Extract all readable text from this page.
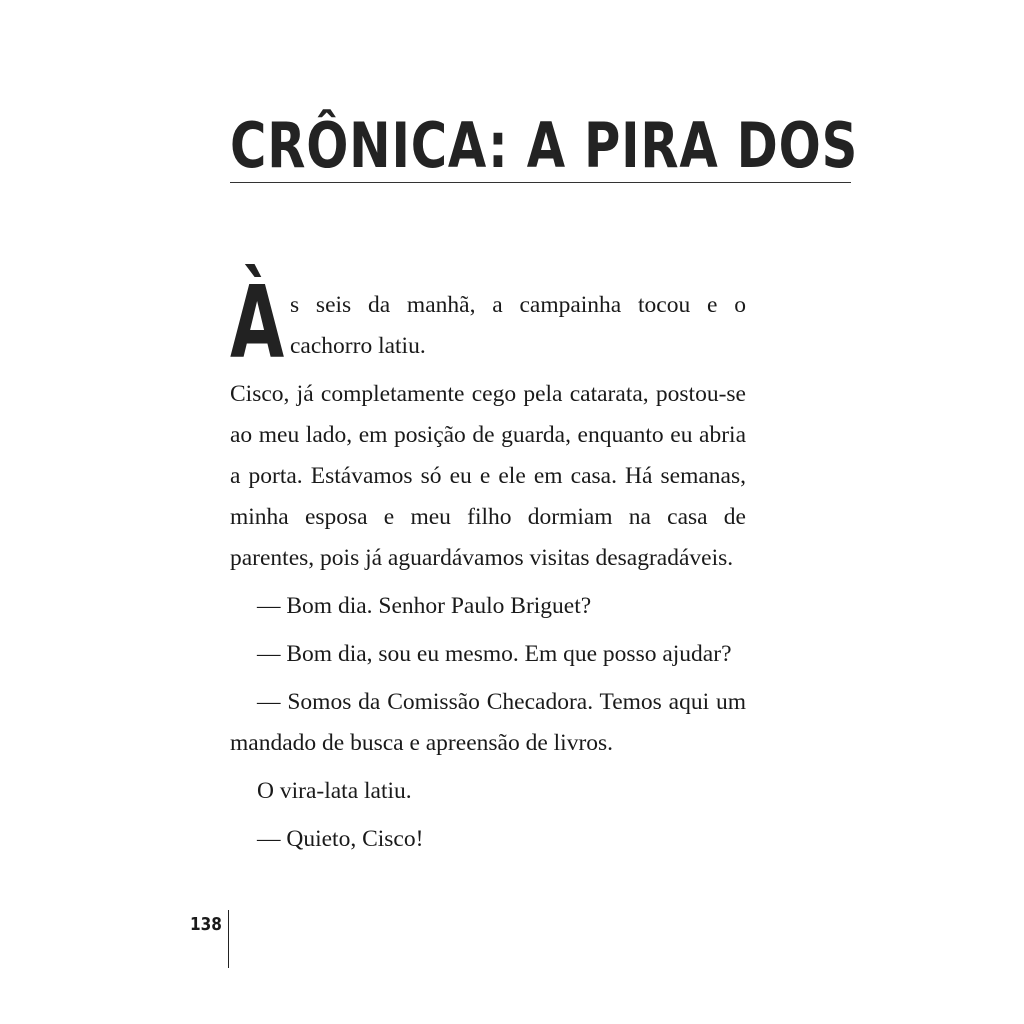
CRÔNICA: A PIRA DOS

Às seis da manhã, a campainha tocou e o cachorro latiu.

Cisco, já completamente cego pela catarata, postou-se ao meu lado, em posição de guarda, enquanto eu abria a porta. Estávamos só eu e ele em casa. Há semanas, minha esposa e meu filho dormiam na casa de parentes, pois já aguardávamos visitas desagradáveis.

— Bom dia. Senhor Paulo Briguet?

— Bom dia, sou eu mesmo. Em que posso ajudar?

— Somos da Comissão Checadora. Temos aqui um mandado de busca e apreensão de livros.

O vira-lata latiu.

— Quieto, Cisco!

138
